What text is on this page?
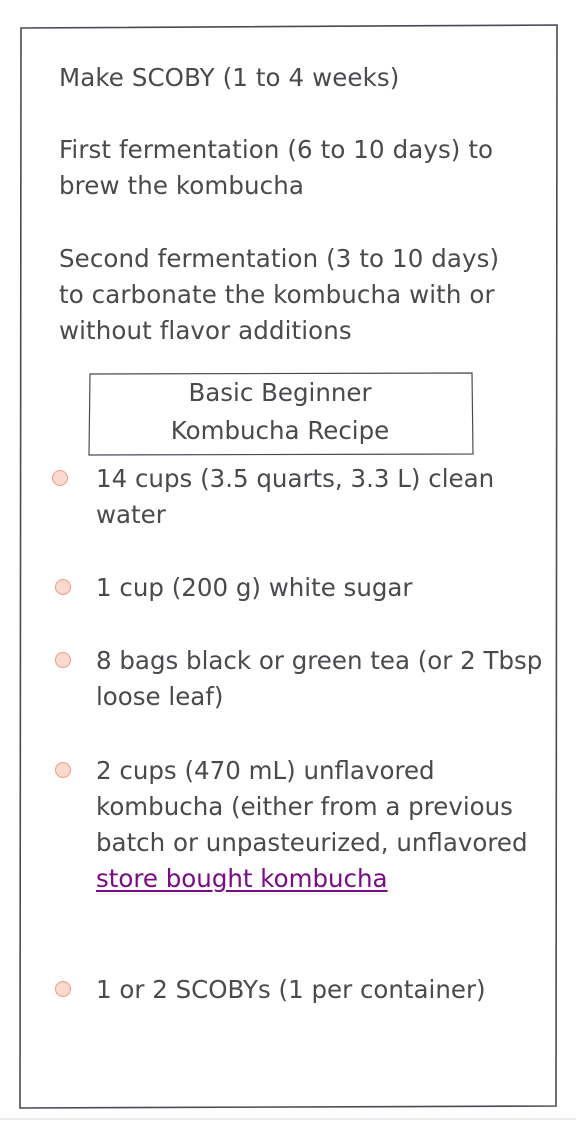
Make SCOBY (1 to 4 weeks)

First fermentation (6 to 10 days) to brew the kombucha

Second fermentation (3 to 10 days) to carbonate the kombucha with or without flavor additions

Basic Beginner
Kombucha Recipe
14 cups (3.5 quarts, 3.3 L) clean water
1 cup (200 g) white sugar
8 bags black or green tea (or 2 Tbsp loose leaf)
2 cups (470 mL) unflavored kombucha (either from a previous batch or unpasteurized, unflavored store bought kombucha
1 or 2 SCOBYs (1 per container)
